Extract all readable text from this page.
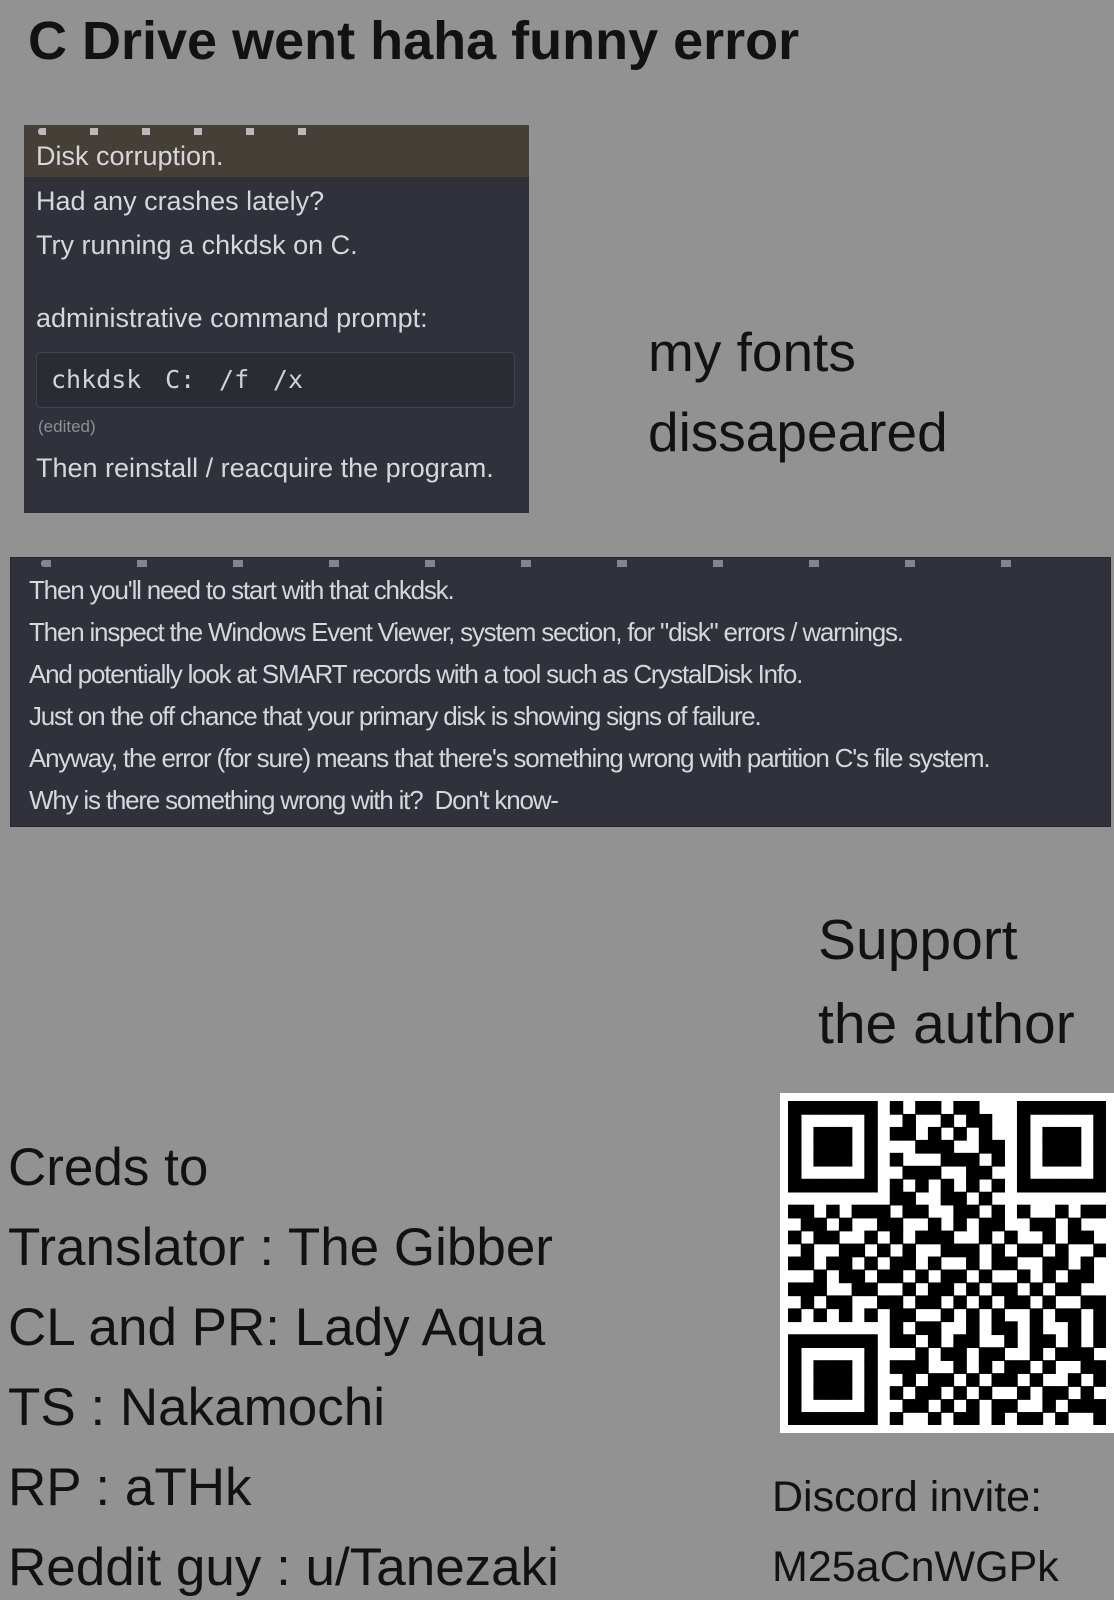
C Drive went haha funny error
Disk corruption.
Had any crashes lately?
Try running a chkdsk on C.
administrative command prompt:
chkdsk C: /f /x
(edited)
Then reinstall / reacquire the program.
my fonts
dissapeared
Then you'll need to start with that chkdsk.
Then inspect the Windows Event Viewer, system section, for "disk" errors / warnings.
And potentially look at SMART records with a tool such as CrystalDisk Info.
Just on the off chance that your primary disk is showing signs of failure.
Anyway, the error (for sure) means that there's something wrong with partition C's file system.
Why is there something wrong with it?  Don't know-
Support
the author
Creds to
Translator : The Gibber
CL and PR: Lady Aqua
TS : Nakamochi
RP : aTHk
Reddit guy : u/Tanezaki
Discord invite:
M25aCnWGPk
